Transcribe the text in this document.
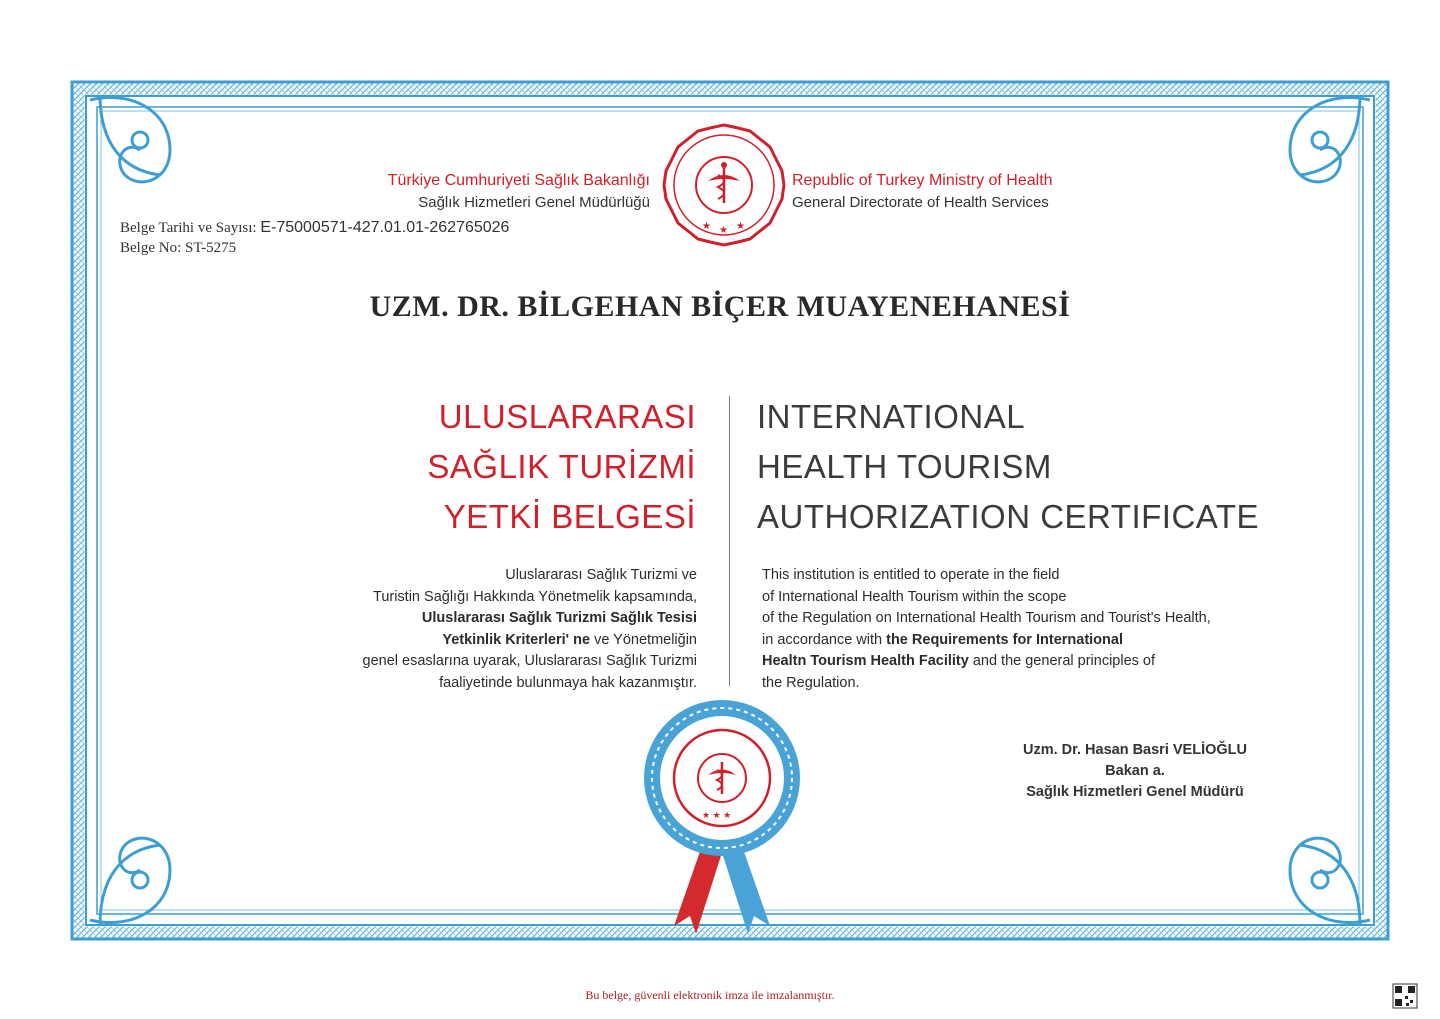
★ ★ ★
★ ★ ★
Türkiye Cumhuriyeti Sağlık Bakanlığı
Sağlık Hizmetleri Genel Müdürlüğü
Republic of Turkey Ministry of Health
General Directorate of Health Services
Belge Tarihi ve Sayısı: E-75000571-427.01.01-262765026
Belge No: ST-5275
UZM. DR. BİLGEHAN BİÇER MUAYENEHANESİ
ULUSLARARASI
SAĞLIK TURİZMİ
YETKİ BELGESİ
INTERNATIONAL
HEALTH TOURISM
AUTHORIZATION CERTIFICATE
Uluslararası Sağlık Turizmi ve
Turistin Sağlığı Hakkında Yönetmelik kapsamında,
Uluslararası Sağlık Turizmi Sağlık Tesisi
Yetkinlik Kriterleri' ne ve Yönetmeliğin
genel esaslarına uyarak, Uluslararası Sağlık Turizmi
faaliyetinde bulunmaya hak kazanmıştır.
This institution is entitled to operate in the field
of International Health Tourism within the scope
of the Regulation on International Health Tourism and Tourist's Health,
in accordance with the Requirements for International
Healtn Tourism Health Facility and the general principles of
the Regulation.
Uzm. Dr. Hasan Basri VELİOĞLU
Bakan a.
Sağlık Hizmetleri Genel Müdürü
Bu belge, güvenli elektronik imza ile imzalanmıştır.
